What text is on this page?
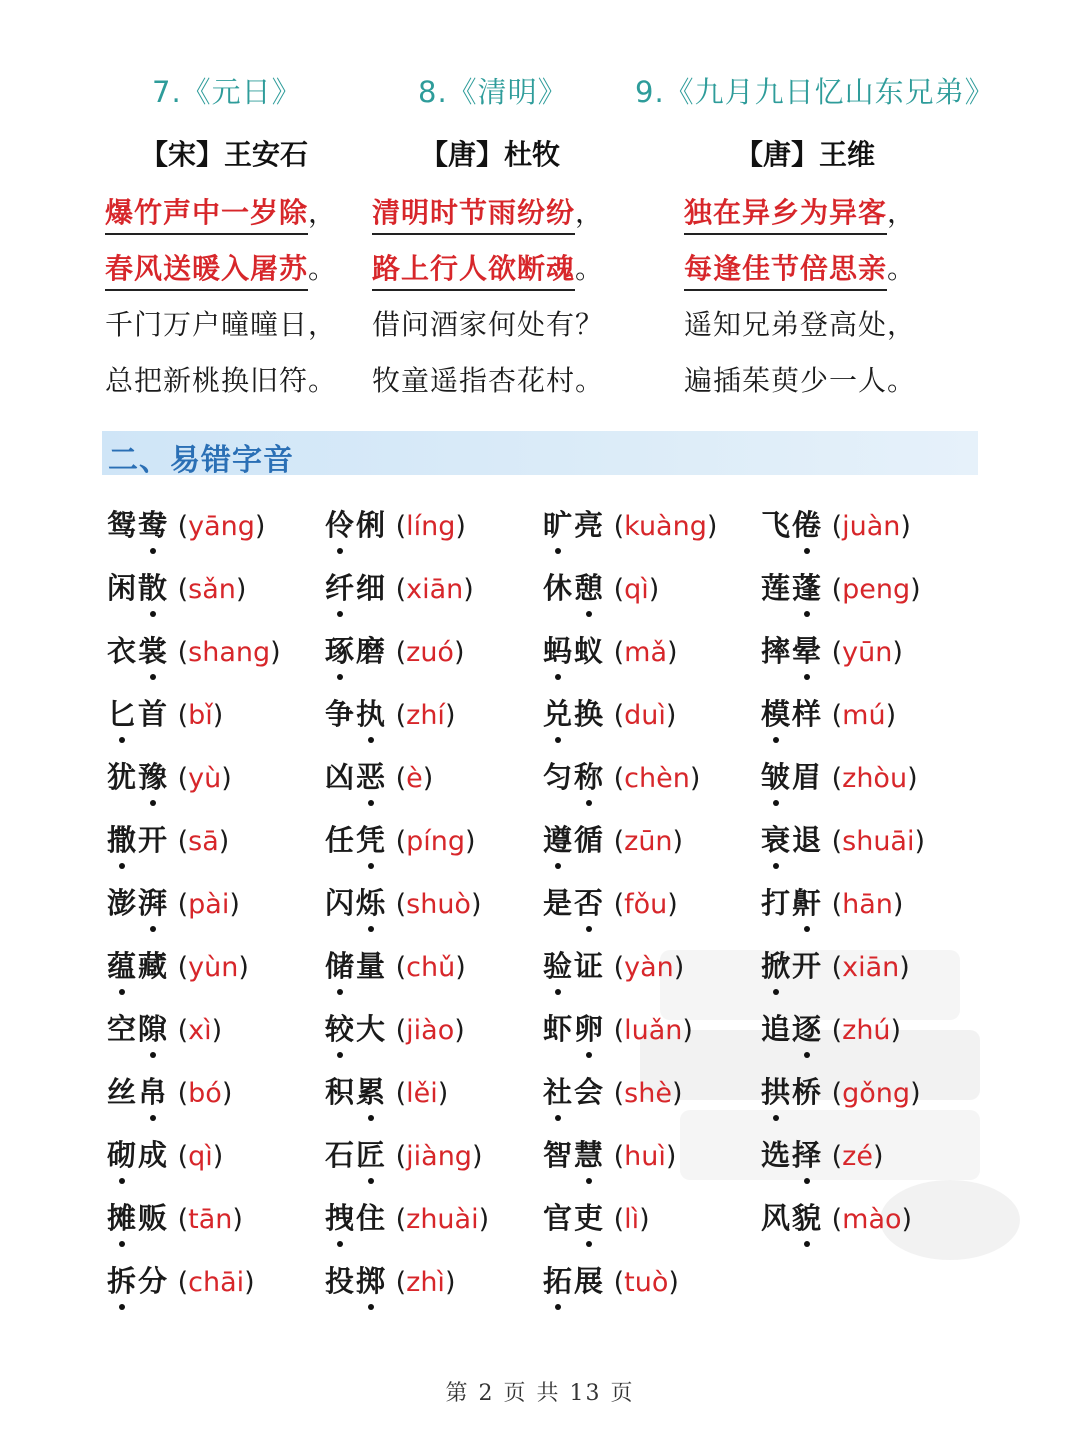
7.《元日》
【宋】王安石
爆竹声中一岁除，
春风送暖入屠苏。
千门万户曈曈日，
总把新桃换旧符。
8.《清明》
【唐】杜牧
清明时节雨纷纷，
路上行人欲断魂。
借问酒家何处有？
牧童遥指杏花村。
9.《九月九日忆山东兄弟》
【唐】王维
独在异乡为异客，
每逢佳节倍思亲。
遥知兄弟登高处，
遍插茱萸少一人。
二、易错字音
鸳鸯 (yāng)
闲散 (sǎn)
衣裳 (shang)
匕首 (bǐ)
犹豫 (yù)
撒开 (sā)
澎湃 (pài)
蕴藏 (yùn)
空隙 (xì)
丝帛 (bó)
砌成 (qì)
摊贩 (tān)
拆分 (chāi)
伶俐 (líng)
纤细 (xiān)
琢磨 (zuó)
争执 (zhí)
凶恶 (è)
任凭 (píng)
闪烁 (shuò)
储量 (chǔ)
较大 (jiào)
积累 (lěi)
石匠 (jiàng)
拽住 (zhuài)
投掷 (zhì)
旷亮 (kuàng)
休憩 (qì)
蚂蚁 (mǎ)
兑换 (duì)
匀称 (chèn)
遵循 (zūn)
是否 (fǒu)
验证 (yàn)
虾卵 (luǎn)
社会 (shè)
智慧 (huì)
官吏 (lì)
拓展 (tuò)
飞倦 (juàn)
莲蓬 (peng)
摔晕 (yūn)
模样 (mú)
皱眉 (zhòu)
衰退 (shuāi)
打鼾 (hān)
掀开 (xiān)
追逐 (zhú)
拱桥 (gǒng)
选择 (zé)
风貌 (mào)
第 2 页 共 13 页
